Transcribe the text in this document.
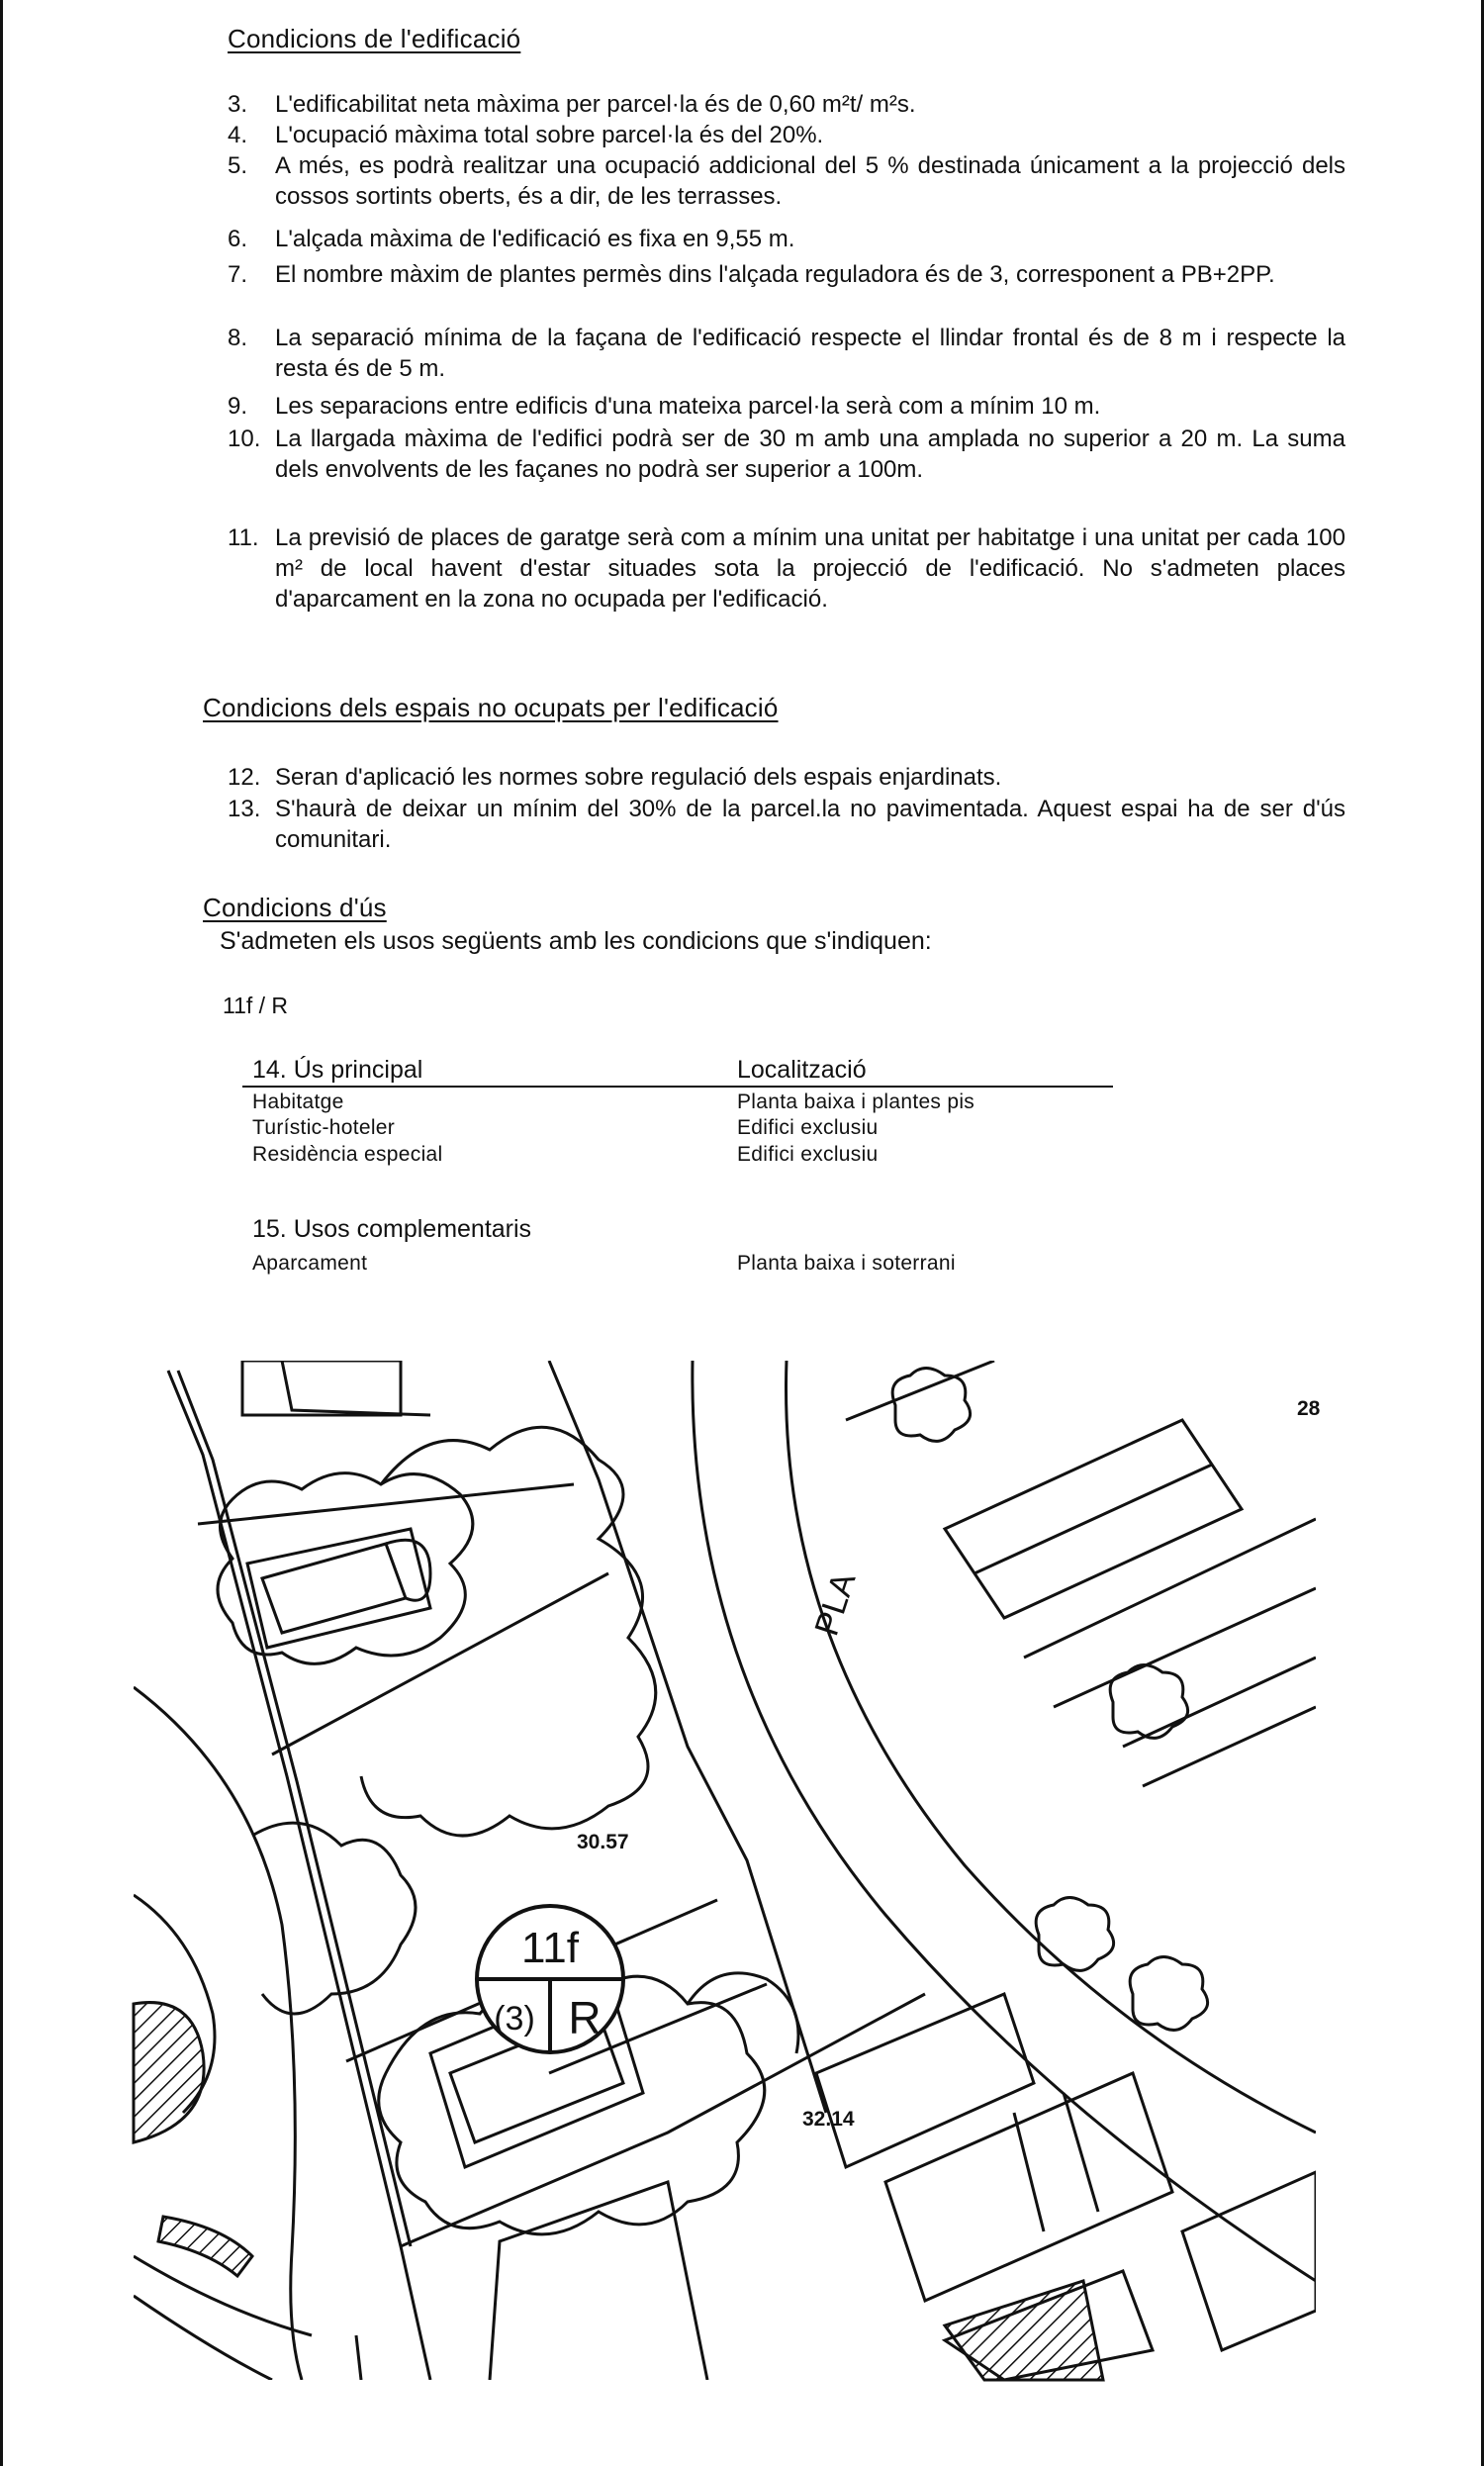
Condicions de l'edificació
3. L'edificabilitat neta màxima per parcel·la és de 0,60 m²t/ m²s.
4. L'ocupació màxima total sobre parcel·la és del 20%.
5. A més, es podrà realitzar una ocupació addicional del 5 % destinada únicament a la projecció dels cossos sortints oberts, és a dir, de les terrasses.
6. L'alçada màxima de l'edificació es fixa en 9,55 m.
7. El nombre màxim de plantes permès dins l'alçada reguladora és de 3, corresponent a PB+2PP.
8. La separació mínima de la façana de l'edificació respecte el llindar frontal és de 8 m i respecte la resta és de 5 m.
9. Les separacions entre edificis d'una mateixa parcel·la serà com a mínim 10 m.
10. La llargada màxima de l'edifici podrà ser de 30 m amb una amplada no superior a 20 m. La suma dels envolvents de les façanes no podrà ser superior a 100m.
11. La previsió de places de garatge serà com a mínim una unitat per habitatge i una unitat per cada 100 m² de local havent d'estar situades sota la projecció de l'edificació. No s'admeten places d'aparcament en la zona no ocupada per l'edificació.
Condicions dels espais no ocupats per l'edificació
12. Seran d'aplicació les normes sobre regulació dels espais enjardinats.
13. S'haurà de deixar un mínim del 30% de la parcel.la no pavimentada. Aquest espai ha de ser d'ús comunitari.
Condicions d'ús
S'admeten els usos següents amb les condicions que s'indiquen:
11f / R
14. Ús principal	Localització
Habitatge	Planta baixa i plantes pis
Turístic-hoteler	Edifici exclusiu
Residència especial	Edifici exclusiu
15. Usos complementaris
Aparcament	Planta baixa i soterrani
11f
(3) R
30.57
32.14
28
PLA
